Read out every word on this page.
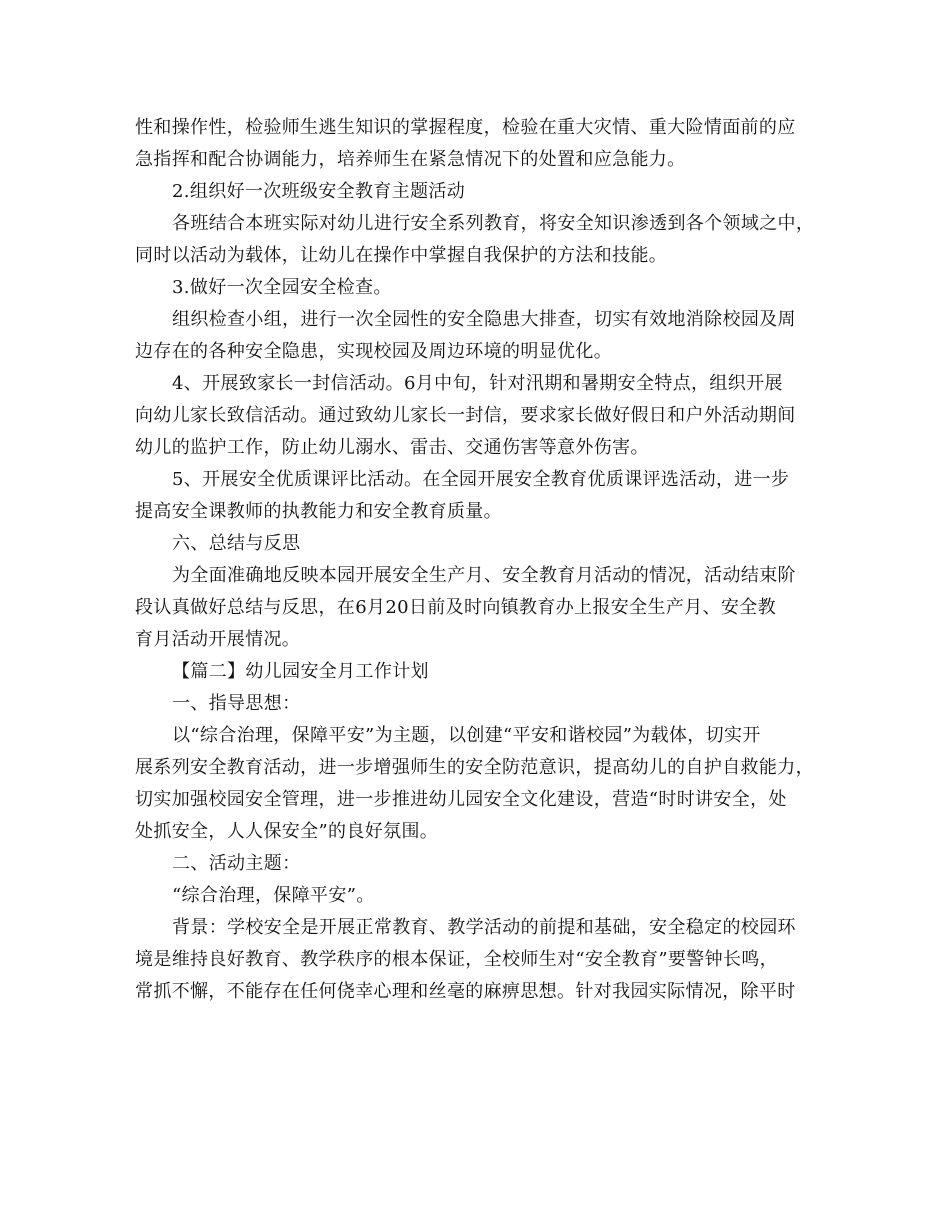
性和操作性，检验师生逃生知识的掌握程度，检验在重大灾情、重大险情面前的应
急指挥和配合协调能力，培养师生在紧急情况下的处置和应急能力。
2.组织好一次班级安全教育主题活动
各班结合本班实际对幼儿进行安全系列教育，将安全知识渗透到各个领域之中，
同时以活动为载体，让幼儿在操作中掌握自我保护的方法和技能。
3.做好一次全园安全检查。
组织检查小组，进行一次全园性的安全隐患大排查，切实有效地消除校园及周
边存在的各种安全隐患，实现校园及周边环境的明显优化。
4、开展致家长一封信活动。6月中旬，针对汛期和暑期安全特点，组织开展
向幼儿家长致信活动。通过致幼儿家长一封信，要求家长做好假日和户外活动期间
幼儿的监护工作，防止幼儿溺水、雷击、交通伤害等意外伤害。
5、开展安全优质课评比活动。在全园开展安全教育优质课评选活动，进一步
提高安全课教师的执教能力和安全教育质量。
六、总结与反思
为全面准确地反映本园开展安全生产月、安全教育月活动的情况，活动结束阶
段认真做好总结与反思，在6月20日前及时向镇教育办上报安全生产月、安全教
育月活动开展情况。
【篇二】幼儿园安全月工作计划
一、指导思想：
以“综合治理，保障平安”为主题，以创建“平安和谐校园”为载体，切实开
展系列安全教育活动，进一步增强师生的安全防范意识，提高幼儿的自护自救能力，
切实加强校园安全管理，进一步推进幼儿园安全文化建设，营造“时时讲安全，处
处抓安全，人人保安全”的良好氛围。
二、活动主题：
“综合治理，保障平安”。
背景：学校安全是开展正常教育、教学活动的前提和基础，安全稳定的校园环
境是维持良好教育、教学秩序的根本保证，全校师生对“安全教育”要警钟长鸣，
常抓不懈，不能存在任何侥幸心理和丝毫的麻痹思想。针对我园实际情况，除平时
